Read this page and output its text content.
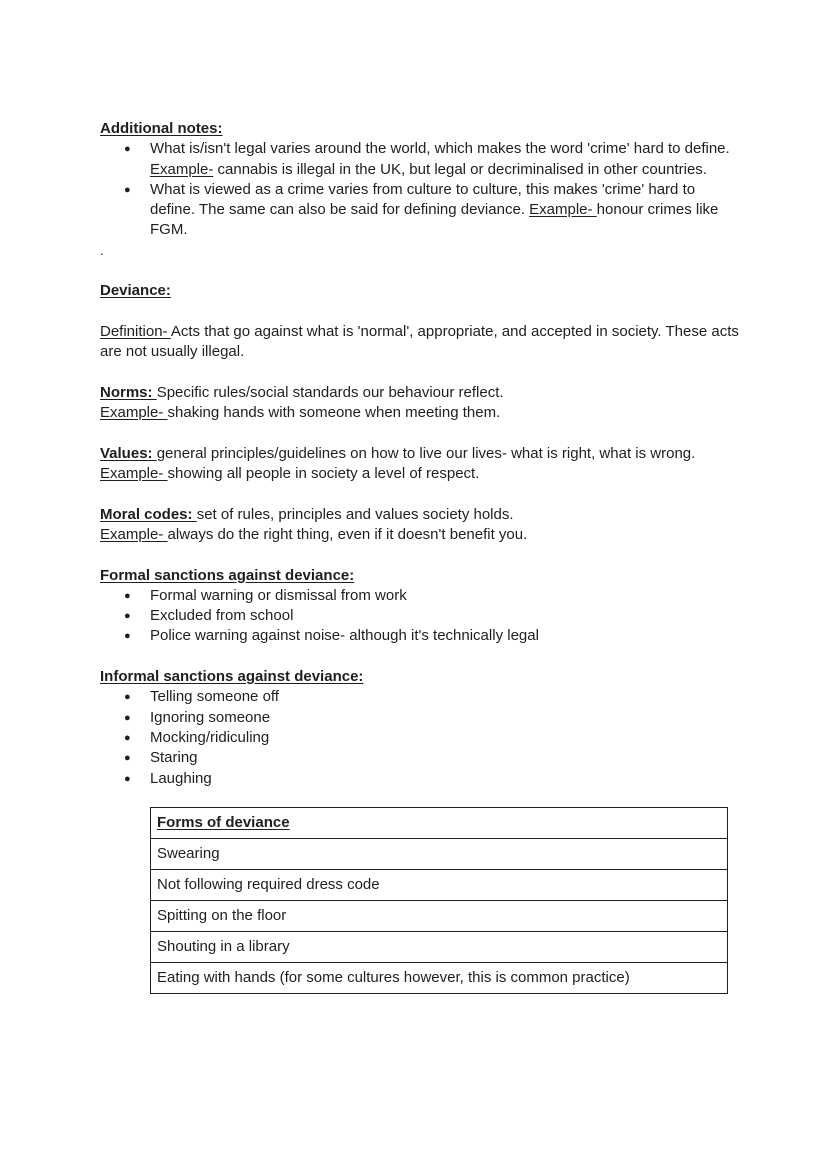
Additional notes:

● What is/isn't legal varies around the world, which makes the word 'crime' hard to define. Example- cannabis is illegal in the UK, but legal or decriminalised in other countries.
● What is viewed as a crime varies from culture to culture, this makes 'crime' hard to define. The same can also be said for defining deviance. Example- honour crimes like FGM.

.

Deviance:

Definition- Acts that go against what is 'normal', appropriate, and accepted in society. These acts are not usually illegal.

Norms: Specific rules/social standards our behaviour reflect.

Example- shaking hands with someone when meeting them.

Values: general principles/guidelines on how to live our lives- what is right, what is wrong.

Example- showing all people in society a level of respect.

Moral codes: set of rules, principles and values society holds.

Example- always do the right thing, even if it doesn't benefit you.

Formal sanctions against deviance:

● Formal warning or dismissal from work
● Excluded from school
● Police warning against noise- although it's technically legal

Informal sanctions against deviance:

● Telling someone off
● Ignoring someone
● Mocking/ridiculing
● Staring
● Laughing
Forms of deviance
Swearing
Not following required dress code
Spitting on the floor
Shouting in a library
Eating with hands (for some cultures however, this is common practice)
